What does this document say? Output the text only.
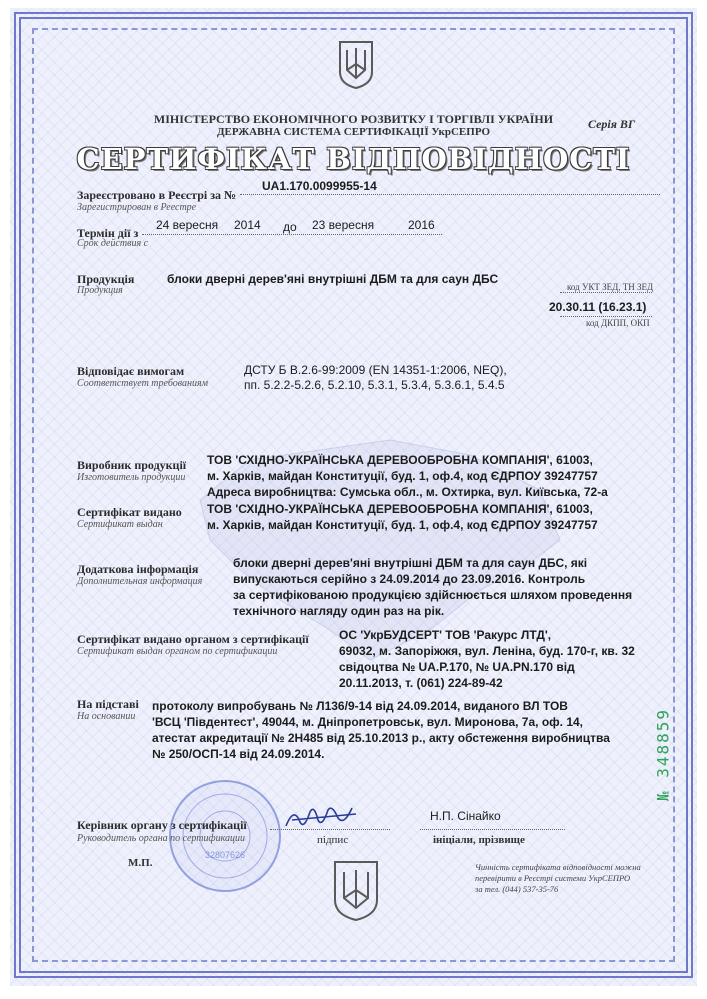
МІНІСТЕРСТВО ЕКОНОМІЧНОГО РОЗВИТКУ І ТОРГІВЛІ УКРАЇНИ
ДЕРЖАВНА СИСТЕМА СЕРТИФІКАЦІЇ УкрСЕПРО
Серія ВГ
СЕРТИФІКАТ ВІДПОВІДНОСТІ
Зареєстровано в Реєстрі за №
Зарегистрирован в Реестре
UA1.170.0099955-14
Термін дії з
Срок действия с
24 вересня 2014 до 23 вересня	2016
Продукція
Продукция
блоки дверні дерев'яні внутрішні ДБМ та для саун ДБС
код УКТ ЗЕД, ТН ЗЕД
20.30.11 (16.23.1)
код ДКПП, ОКП
Відповідає вимогам
Соответствует требованиям
ДСТУ Б В.2.6-99:2009 (EN 14351-1:2006, NEQ),
пп. 5.2.2-5.2.6, 5.2.10, 5.3.1, 5.3.4, 5.3.6.1, 5.4.5
Виробник продукції
Изготовитель продукции
ТОВ 'СХІДНО-УКРАЇНСЬКА ДЕРЕВООБРОБНА КОМПАНІЯ', 61003,
м. Харків, майдан Конституції, буд. 1, оф.4, код ЄДРПОУ 39247757
Адреса виробництва: Сумська обл., м. Охтирка, вул. Київська, 72-а
Сертифікат видано
Сертификат выдан
ТОВ 'СХІДНО-УКРАЇНСЬКА ДЕРЕВООБРОБНА КОМПАНІЯ', 61003,
м. Харків, майдан Конституції, буд. 1, оф.4, код ЄДРПОУ 39247757
Додаткова інформація
Дополнительная информация
блоки дверні дерев'яні внутрішні ДБМ та для саун ДБС, які
випускаються серійно з 24.09.2014 до 23.09.2016. Контроль
за сертифікованою продукцією здійснюється шляхом проведення
технічного нагляду один раз на рік.
Сертифікат видано органом з сертифікації
Сертификат выдан органом по сертификации
ОС 'УкрБУДСЕРТ' ТОВ 'Ракурс ЛТД',
69032, м. Запоріжжя, вул. Леніна, буд. 170-г, кв. 32
свідоцтва № UA.P.170, № UA.PN.170 від
20.11.2013, т. (061) 224-89-42
На підставі
На основании
протоколу випробувань № Л136/9-14 від 24.09.2014, виданого ВЛ ТОВ
'ВСЦ 'Південтест', 49044, м. Дніпропетровськ, вул. Миронова, 7а, оф. 14,
атестат акредитації № 2Н485 від 25.10.2013 р., акту обстеження виробництва
№ 250/ОСП-14 від 24.09.2014.
32807626
Керівник органу з сертифікації
Руководитель органа по сертификации	підпис
Н.П. Сінайко
ініціали, прізвище
М.П.
№ 348859
Чинність сертифіката відповідності можна
перевірити в Реєстрі системи УкрСЕПРО
за тел. (044) 537-35-76
